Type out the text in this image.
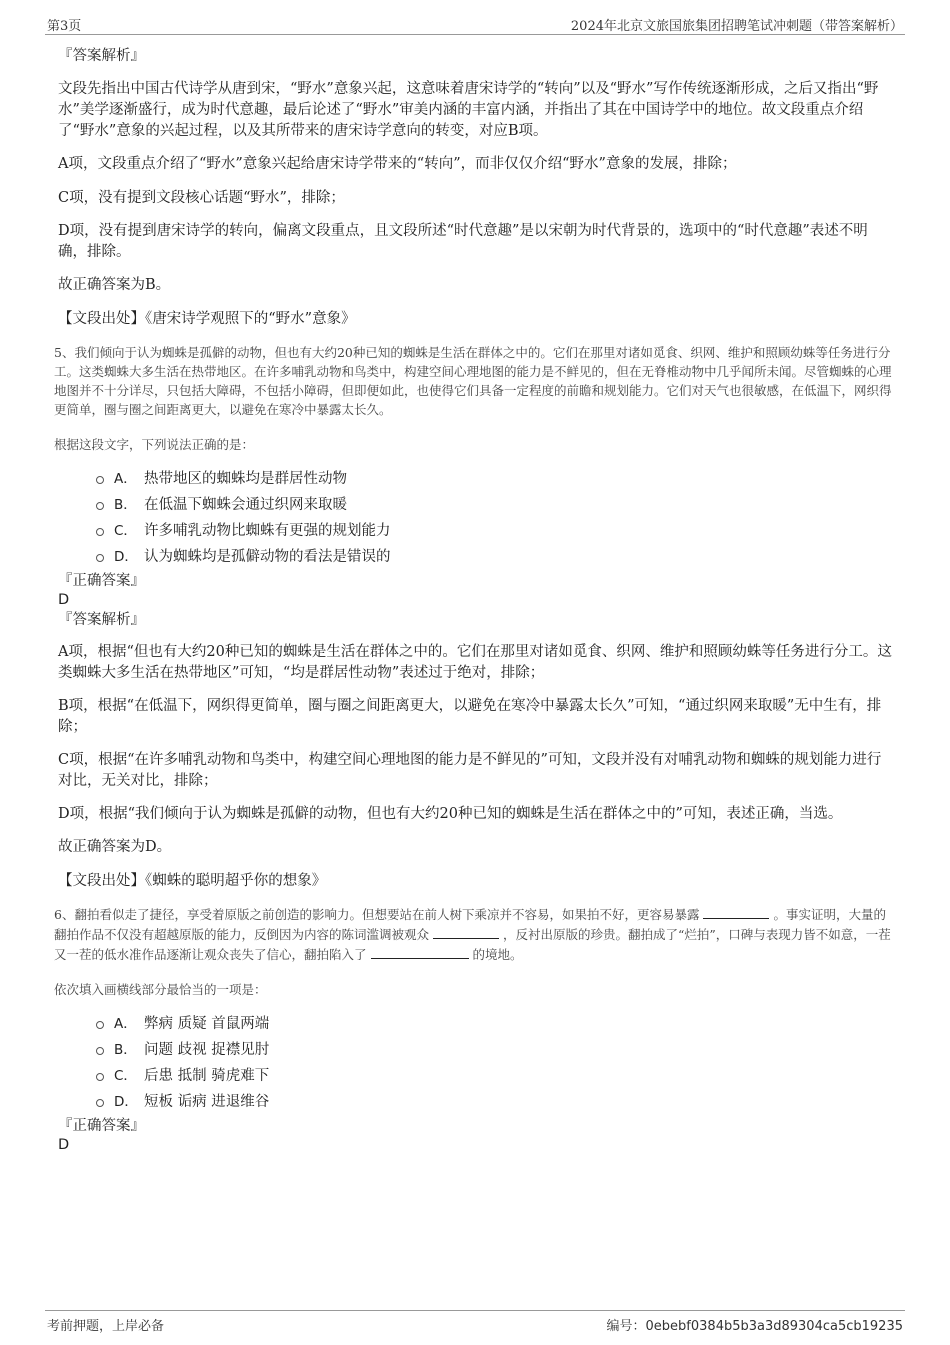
第3页	2024年北京文旅国旅集团招聘笔试冲刺题（带答案解析）

『答案解析』

文段先指出中国古代诗学从唐到宋，“野水”意象兴起，这意味着唐宋诗学的“转向”以及“野水”写作传统逐渐形成，之后又指出“野水”美学逐渐盛行，成为时代意趣，最后论述了“野水”审美内涵的丰富内涵，并指出了其在中国诗学中的地位。故文段重点介绍了“野水”意象的兴起过程，以及其所带来的唐宋诗学意向的转变，对应B项。

A项，文段重点介绍了“野水”意象兴起给唐宋诗学带来的“转向”，而非仅仅介绍“野水”意象的发展，排除；

C项，没有提到文段核心话题“野水”，排除；

D项，没有提到唐宋诗学的转向，偏离文段重点，且文段所述“时代意趣”是以宋朝为时代背景的，选项中的“时代意趣”表述不明确，排除。

故正确答案为B。

【文段出处】《唐宋诗学观照下的“野水”意象》

5、我们倾向于认为蜘蛛是孤僻的动物，但也有大约20种已知的蜘蛛是生活在群体之中的。它们在那里对诸如觅食、织网、维护和照顾幼蛛等任务进行分工。这类蜘蛛大多生活在热带地区。在许多哺乳动物和鸟类中，构建空间心理地图的能力是不鲜见的，但在无脊椎动物中几乎闻所未闻。尽管蜘蛛的心理地图并不十分详尽，只包括大障碍，不包括小障碍，但即便如此，也使得它们具备一定程度的前瞻和规划能力。它们对天气也很敏感，在低温下，网织得更简单，圈与圈之间距离更大，以避免在寒冷中暴露太长久。

根据这段文字，下列说法正确的是：

A． 热带地区的蜘蛛均是群居性动物
B． 在低温下蜘蛛会通过织网来取暖
C． 许多哺乳动物比蜘蛛有更强的规划能力
D． 认为蜘蛛均是孤僻动物的看法是错误的

『正确答案』

D

『答案解析』

A项，根据“但也有大约20种已知的蜘蛛是生活在群体之中的。它们在那里对诸如觅食、织网、维护和照顾幼蛛等任务进行分工。这类蜘蛛大多生活在热带地区”可知，“均是群居性动物”表述过于绝对，排除；

B项，根据“在低温下，网织得更简单，圈与圈之间距离更大，以避免在寒冷中暴露太长久”可知，“通过织网来取暖”无中生有，排除；

C项，根据“在许多哺乳动物和鸟类中，构建空间心理地图的能力是不鲜见的”可知，文段并没有对哺乳动物和蜘蛛的规划能力进行对比，无关对比，排除；

D项，根据“我们倾向于认为蜘蛛是孤僻的动物，但也有大约20种已知的蜘蛛是生活在群体之中的”可知，表述正确，当选。

故正确答案为D。

【文段出处】《蜘蛛的聪明超乎你的想象》

6、翻拍看似走了捷径，享受着原版之前创造的影响力。但想要站在前人树下乘凉并不容易，如果拍不好，更容易暴露	。事实证明，大量的翻拍作品不仅没有超越原版的能力，反倒因为内容的陈词滥调被观众	，反衬出原版的珍贵。翻拍成了“烂拍”，口碑与表现力皆不如意，一茬又一茬的低水准作品逐渐让观众丧失了信心，翻拍陷入了	的境地。

依次填入画横线部分最恰当的一项是：

A． 弊病 质疑 首鼠两端
B． 问题 歧视 捉襟见肘
C． 后患 抵制 骑虎难下
D． 短板 诟病 进退维谷

『正确答案』

D

考前押题，上岸必备	编号：0ebebf0384b5b3a3d89304ca5cb19235
